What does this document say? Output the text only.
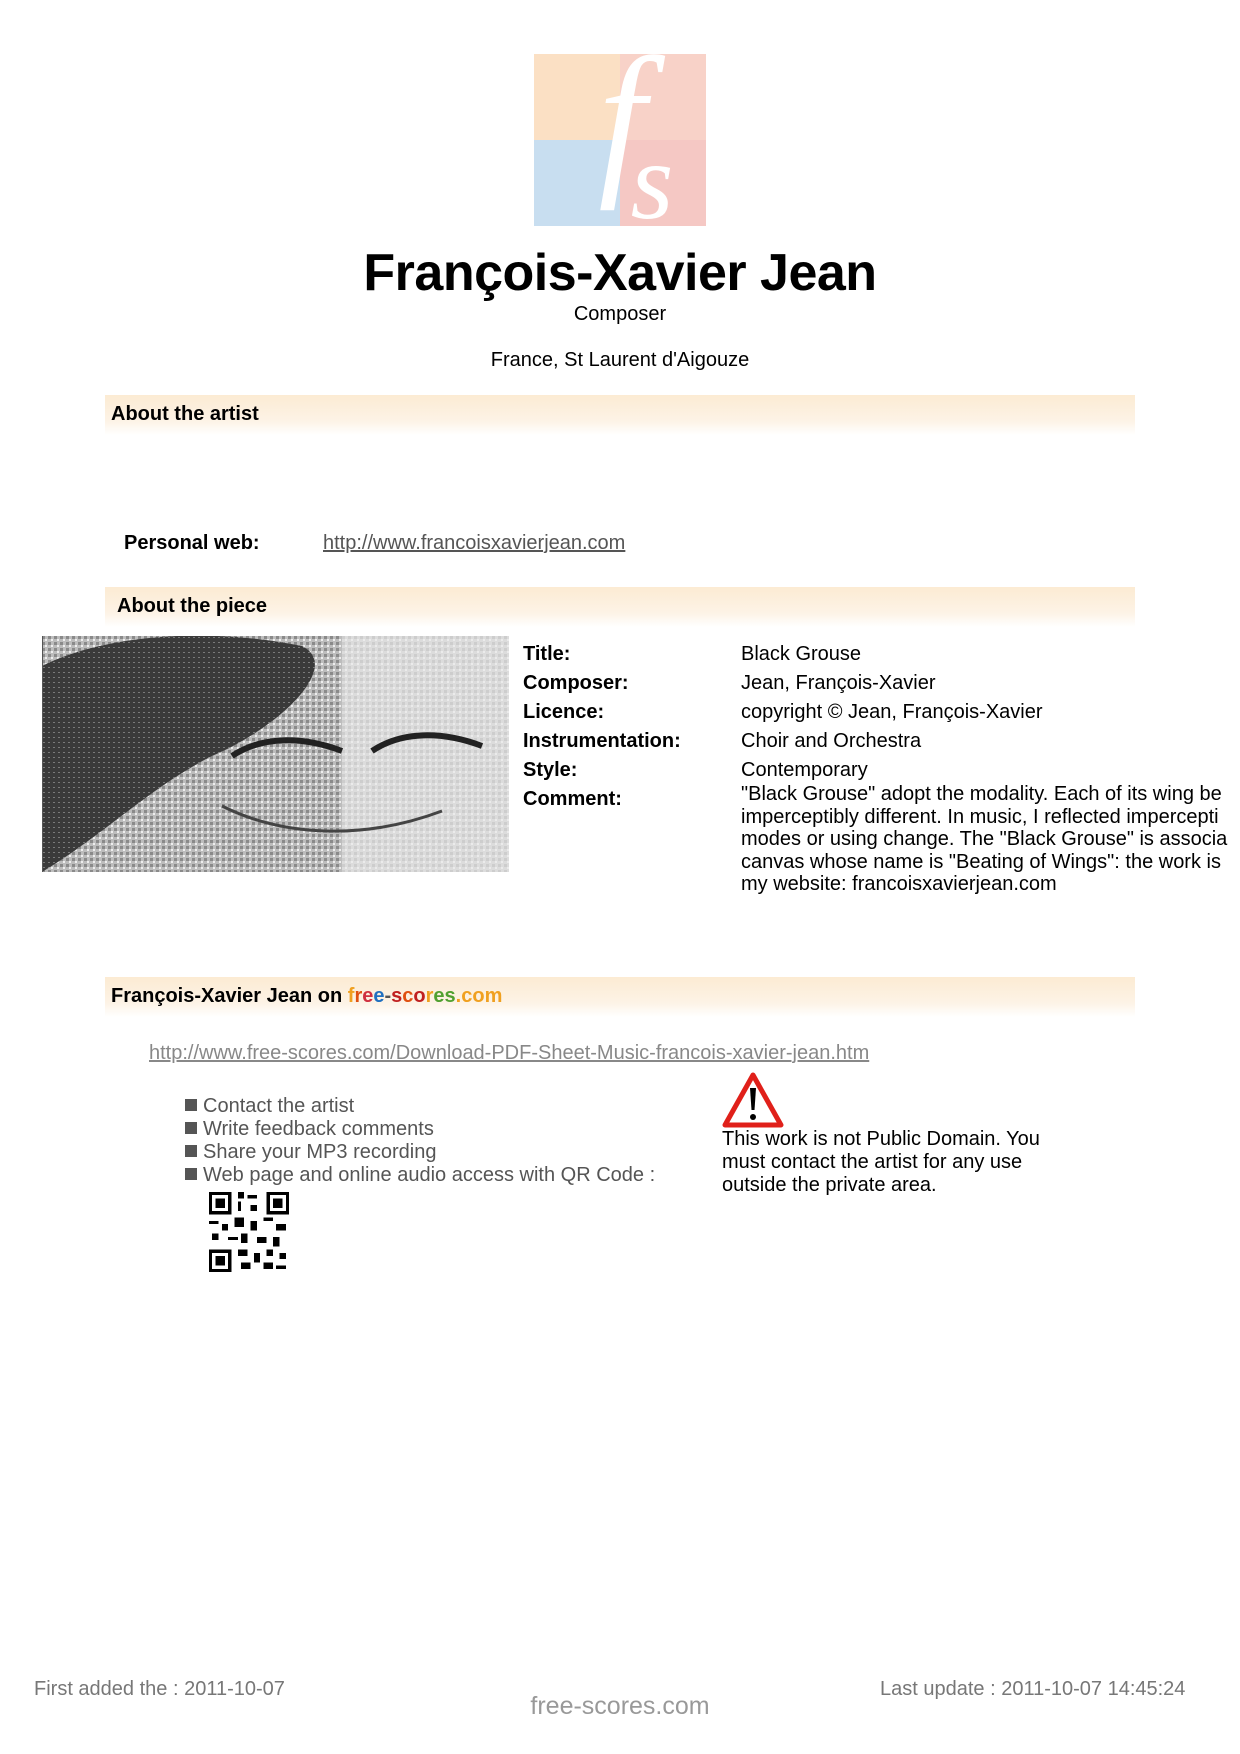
f
s
François-Xavier Jean
Composer
France, St Laurent d'Aigouze
About the artist
Personal web:	http://www.francoisxavierjean.com
About the piece
Title:	Black Grouse
Composer:	Jean, François-Xavier
Licence:	copyright © Jean, François-Xavier
Instrumentation:	Choir and Orchestra
Style:	Contemporary
Comment:	"Black Grouse" adopt the modality. Each of its wing be
imperceptibly different. In music, I reflected impercepti
modes or using change. The "Black Grouse" is associa
canvas whose name is "Beating of Wings": the work is
my website: francoisxavierjean.com
François-Xavier Jean on free-scores.com
http://www.free-scores.com/Download-PDF-Sheet-Music-francois-xavier-jean.htm
Contact the artist
Write feedback comments
Share your MP3 recording
Web page and online audio access with QR Code :
This work is not Public Domain. You must contact the artist for any use outside the private area.
First added the : 2011-10-07
free-scores.com
Last update : 2011-10-07 14:45:24
